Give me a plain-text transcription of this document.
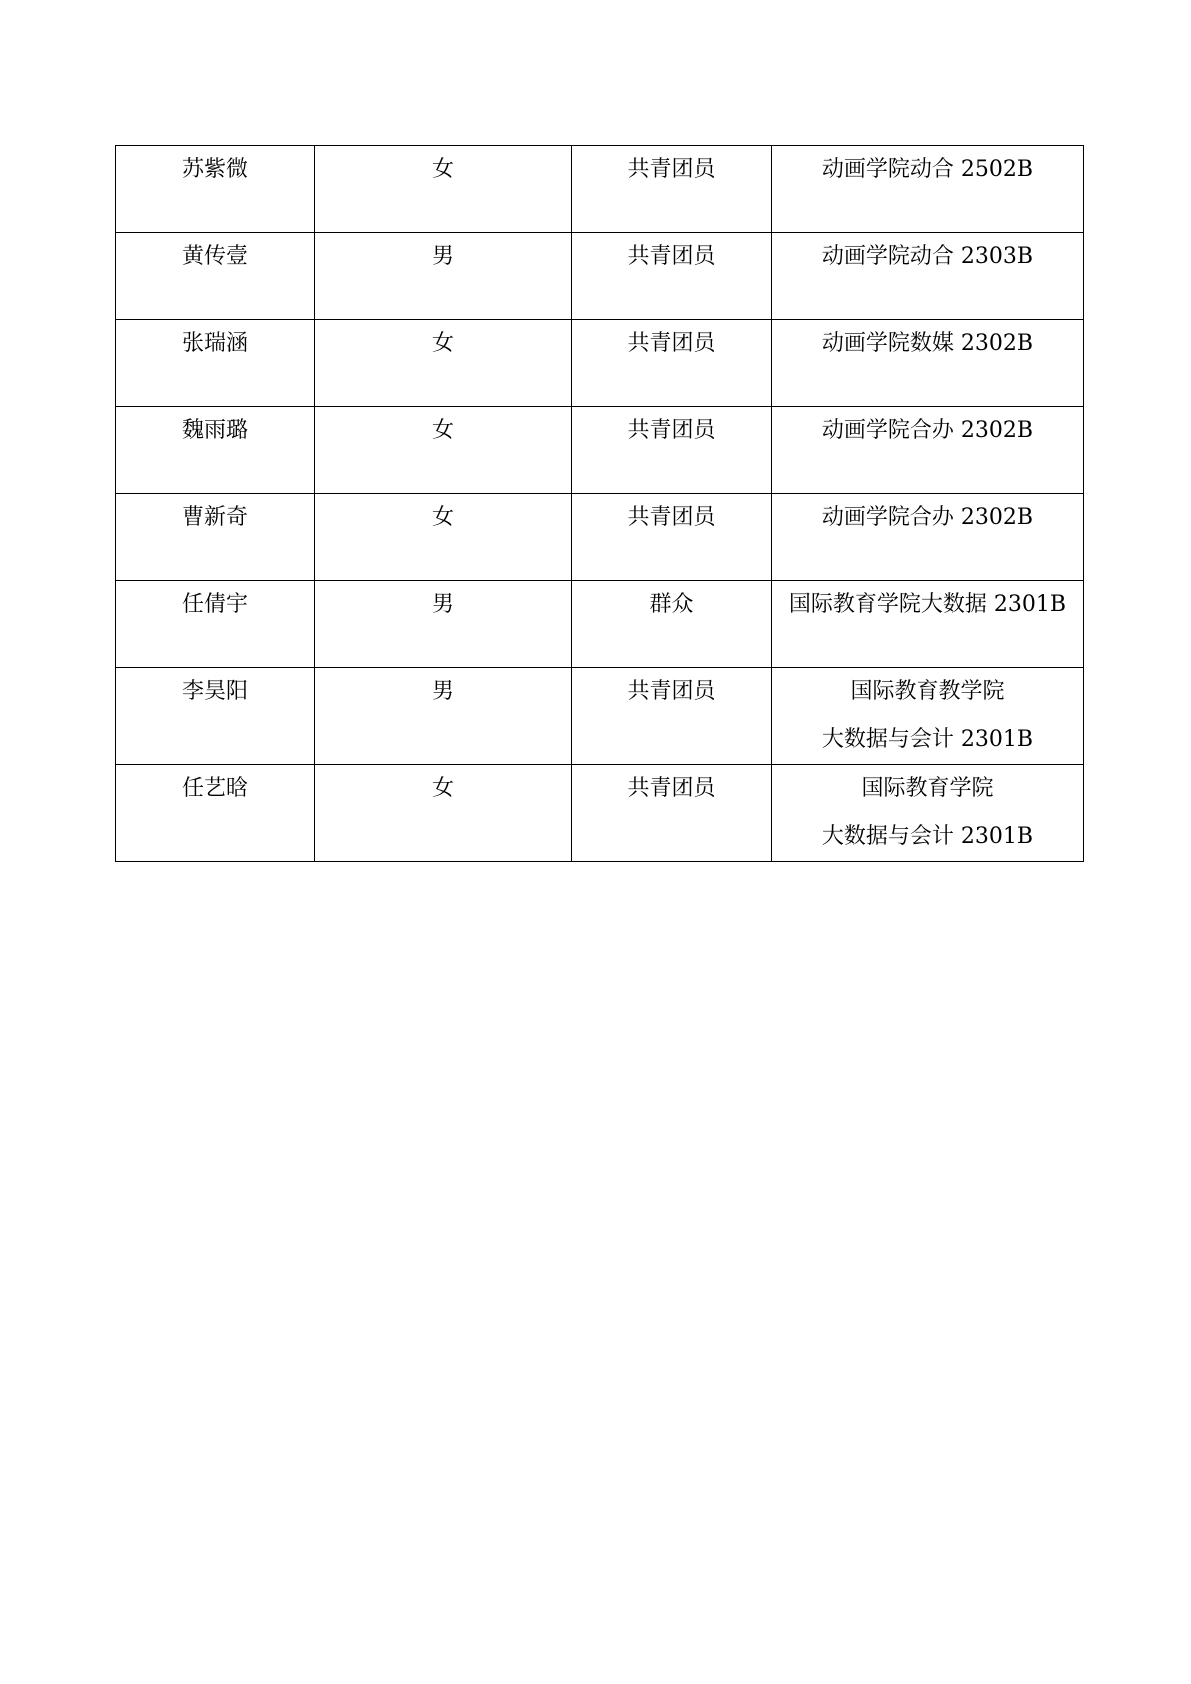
苏紫微	女	共青团员	动画学院动合 2502B

黄传壹	男	共青团员	动画学院动合 2303B

张瑞涵	女	共青团员	动画学院数媒 2302B

魏雨璐	女	共青团员	动画学院合办 2302B

曹新奇	女	共青团员	动画学院合办 2302B

任倩宇	男	群众	国际教育学院大数据 2301B

李昊阳	男	共青团员	国际教育教学院
大数据与会计 2301B

任艺晗	女	共青团员	国际教育学院
大数据与会计 2301B
